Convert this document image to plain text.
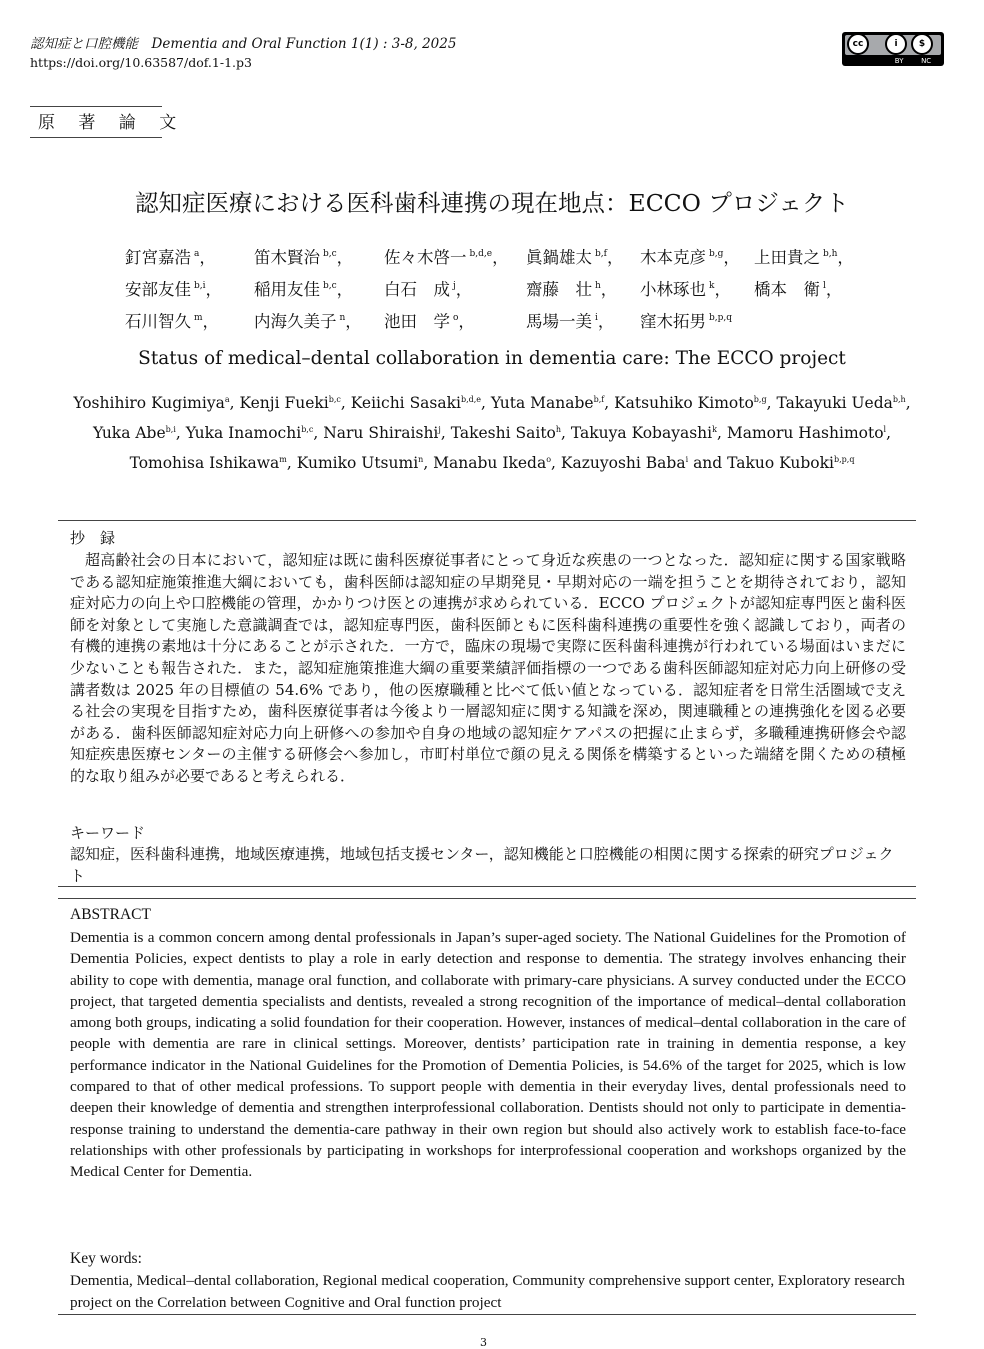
認知症と口腔機能　Dementia and Oral Function 1(1) : 3-8, 2025
https://doi.org/10.63587/dof.1-1.p3
cc	i	$
BY	NC
原 著 論 文
認知症医療における医科歯科連携の現在地点：ECCO プロジェクト
釘宮嘉浩 $^a$， 笛木賢治 $^{b,c}$， 佐々木啓一 $^{b,d,e}$， 眞鍋雄太 $^{b,f}$， 木本克彦 $^{b,g}$， 上田貴之 $^{b,h}$，
安部友佳 $^{b,i}$， 稲用友佳 $^{b,c}$， 白石　成 $^j$，	齋藤　壮 $^h$， 小林琢也 $^k$， 橋本　衛 $^l$，
石川智久 $^m$， 内海久美子 $^n$， 池田　学 $^o$，	馬場一美 $^i$， 窪木拓男 $^{b,p,q}$
Status of medical–dental collaboration in dementia care: The ECCO project
Yoshihiro Kugimiya$^a$, Kenji Fueki$^{b,c}$, Keiichi Sasaki$^{b,d,e}$, Yuta Manabe$^{b,f}$, Katsuhiko Kimoto$^{b,g}$, Takayuki Ueda$^{b,h}$,
Yuka Abe$^{b,i}$, Yuka Inamochi$^{b,c}$, Naru Shiraishi$^j$, Takeshi Saito$^h$, Takuya Kobayashi$^k$, Mamoru Hashimoto$^l$,
Tomohisa Ishikawa$^m$, Kumiko Utsumi$^n$, Manabu Ikeda$^o$, Kazuyoshi Baba$^i$ and Takuo Kuboki$^{b,p,q}$
抄　録

超高齢社会の日本において，認知症は既に歯科医療従事者にとって身近な疾患の一つとなった．認知症に関する国家戦略である認知症施策推進大綱においても，歯科医師は認知症の早期発見・早期対応の一端を担うことを期待されており，認知症対応力の向上や口腔機能の管理，かかりつけ医との連携が求められている．ECCO プロジェクトが認知症専門医と歯科医師を対象として実施した意識調査では，認知症専門医，歯科医師ともに医科歯科連携の重要性を強く認識しており，両者の有機的連携の素地は十分にあることが示された．一方で，臨床の現場で実際に医科歯科連携が行われている場面はいまだに少ないことも報告された．また，認知症施策推進大綱の重要業績評価指標の一つである歯科医師認知症対応力向上研修の受講者数は 2025 年の目標値の 54.6% であり，他の医療職種と比べて低い値となっている．認知症者を日常生活圏域で支える社会の実現を目指すため，歯科医療従事者は今後より一層認知症に関する知識を深め，関連職種との連携強化を図る必要がある．歯科医師認知症対応力向上研修への参加や自身の地域の認知症ケアパスの把握に止まらず，多職種連携研修会や認知症疾患医療センターの主催する研修会へ参加し，市町村単位で顔の見える関係を構築するといった端緒を開くための積極的な取り組みが必要であると考えられる．

キーワード
認知症，医科歯科連携，地域医療連携，地域包括支援センター，認知機能と口腔機能の相関に関する探索的研究プロジェクト
ABSTRACT
Dementia is a common concern among dental professionals in Japan’s super-aged society. The National Guidelines for the Promotion of Dementia Policies, expect dentists to play a role in early detection and response to dementia. The strategy involves enhancing their ability to cope with dementia, manage oral function, and collaborate with primary-care physicians. A survey conducted under the ECCO project, that targeted dementia specialists and dentists, revealed a strong recognition of the importance of medical–dental collaboration among both groups, indicating a solid foundation for their cooperation. However, instances of medical–dental collaboration in the care of people with dementia are rare in clinical settings. Moreover, dentists’ participation rate in training in dementia response, a key performance indicator in the National Guidelines for the Promotion of Dementia Policies, is 54.6% of the target for 2025, which is low compared to that of other medical professions. To support people with dementia in their everyday lives, dental professionals need to deepen their knowledge of dementia and strengthen interprofessional collaboration. Dentists should not only to participate in dementia-response training to understand the dementia-care pathway in their own region but should also actively work to establish face-to-face relationships with other professionals by participating in workshops for interprofessional cooperation and workshops organized by the Medical Center for Dementia.
Key words:
Dementia, Medical–dental collaboration, Regional medical cooperation, Community comprehensive support center, Exploratory research project on the Correlation between Cognitive and Oral function project
3
